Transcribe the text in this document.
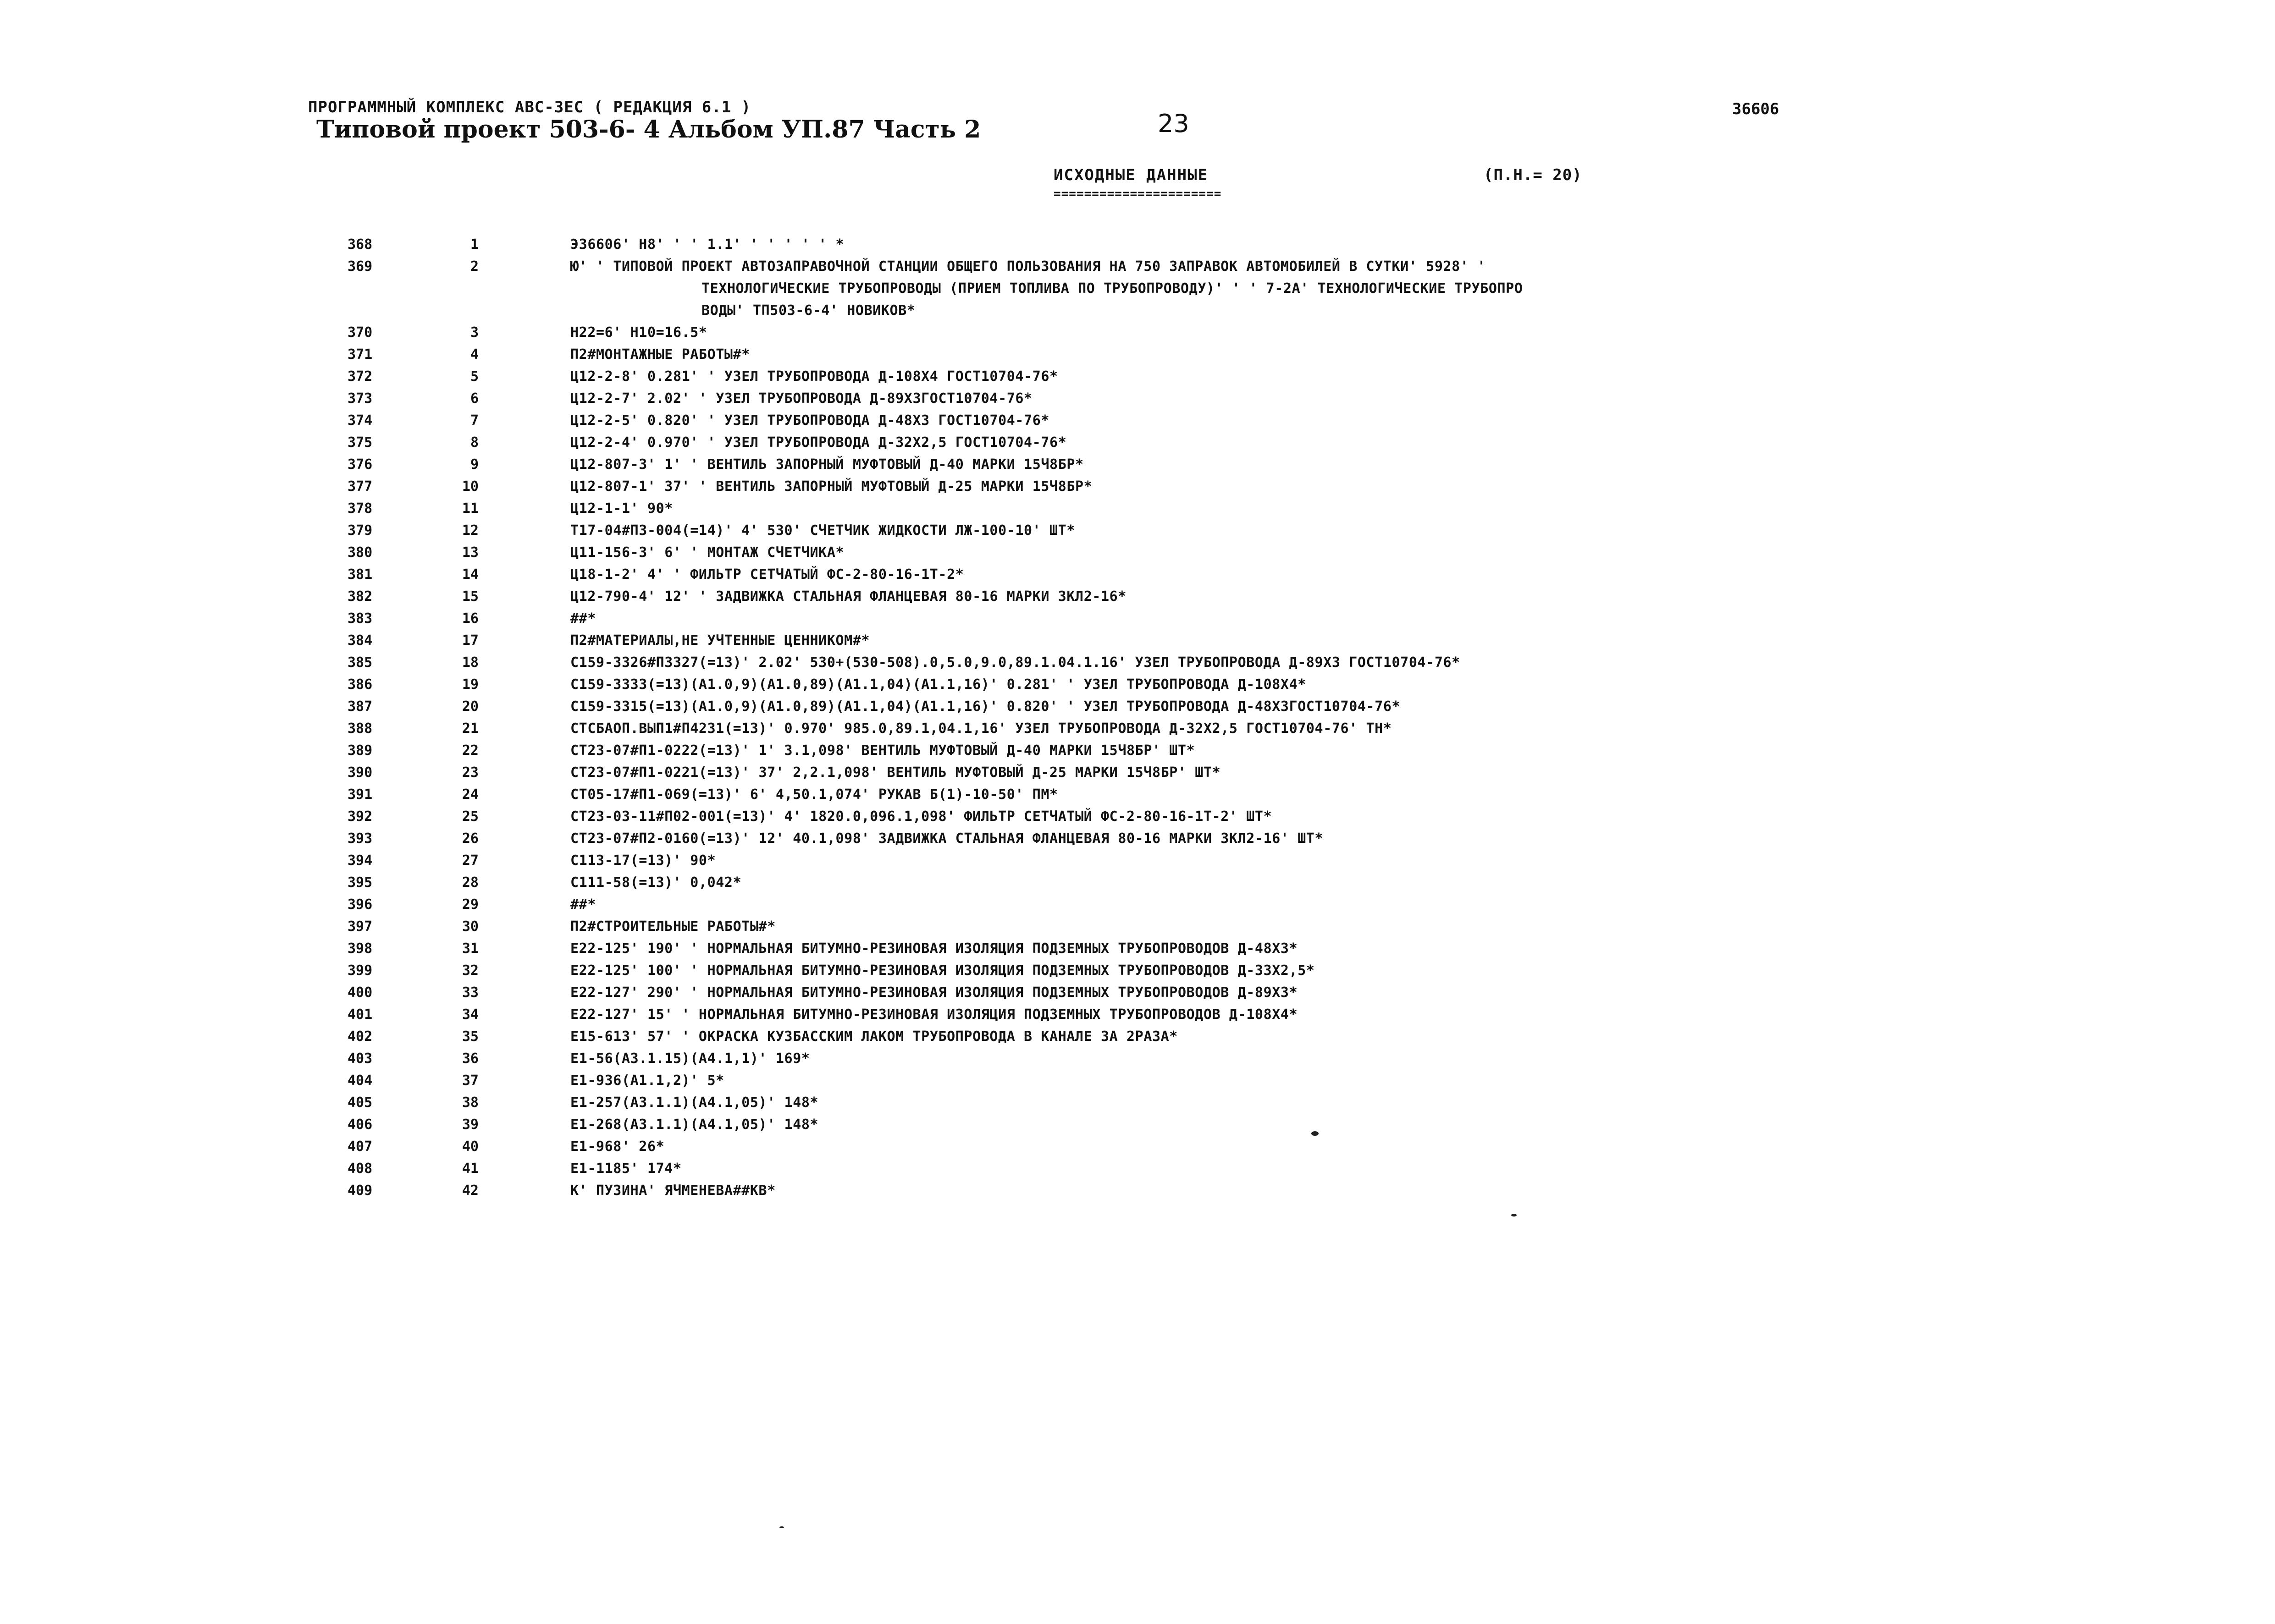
ПРОГРАММНЫЙ КОМПЛЕКС АВС-3ЕС ( РЕДАКЦИЯ 6.1 )
Типовой проект 503-6- 4 Альбом УП.87 Часть 2	23	36606
ИСХОДНЫЕ ДАННЫЕ
======================
(П.Н.= 20)
368	1	Э36606' Н8' ' ' 1.1' ' ' ' ' ' *
369	2	Ю' ' ТИПОВОЙ ПРОЕКТ АВТОЗАПРАВОЧНОЙ СТАНЦИИ ОБЩЕГО ПОЛЬЗОВАНИЯ НА 750 ЗАПРАВОК АВТОМОБИЛЕЙ В СУТКИ' 5928' '
ТЕХНОЛОГИЧЕСКИЕ ТРУБОПРОВОДЫ (ПРИЕМ ТОПЛИВА ПО ТРУБОПРОВОДУ)' ' ' 7-2А' ТЕХНОЛОГИЧЕСКИЕ ТРУБОПРО
ВОДЫ' ТП503-6-4' НОВИКОВ*
370	3	Н22=6' Н10=16.5*
371	4	П2#МОНТАЖНЫЕ РАБОТЫ#*
372	5	Ц12-2-8' 0.281' ' УЗЕЛ ТРУБОПРОВОДА Д-108Х4 ГОСТ10704-76*
373	6	Ц12-2-7' 2.02' ' УЗЕЛ ТРУБОПРОВОДА Д-89Х3ГОСТ10704-76*
374	7	Ц12-2-5' 0.820' ' УЗЕЛ ТРУБОПРОВОДА Д-48Х3 ГОСТ10704-76*
375	8	Ц12-2-4' 0.970' ' УЗЕЛ ТРУБОПРОВОДА Д-32Х2,5 ГОСТ10704-76*
376	9	Ц12-807-3' 1' ' ВЕНТИЛЬ ЗАПОРНЫЙ МУФТОВЫЙ Д-40 МАРКИ 15Ч8БР*
377	10	Ц12-807-1' 37' ' ВЕНТИЛЬ ЗАПОРНЫЙ МУФТОВЫЙ Д-25 МАРКИ 15Ч8БР*
378	11	Ц12-1-1' 90*
379	12	Т17-04#П3-004(=14)' 4' 530' СЧЕТЧИК ЖИДКОСТИ ЛЖ-100-10' ШТ*
380	13	Ц11-156-3' 6' ' МОНТАЖ СЧЕТЧИКА*
381	14	Ц18-1-2' 4' ' ФИЛЬТР СЕТЧАТЫЙ ФС-2-80-16-1Т-2*
382	15	Ц12-790-4' 12' ' ЗАДВИЖКА СТАЛЬНАЯ ФЛАНЦЕВАЯ 80-16 МАРКИ ЗКЛ2-16*
383	16	##*
384	17	П2#МАТЕРИАЛЫ,НЕ УЧТЕННЫЕ ЦЕННИКОМ#*
385	18	С159-3326#П3327(=13)' 2.02' 530+(530-508).0,5.0,9.0,89.1.04.1.16' УЗЕЛ ТРУБОПРОВОДА Д-89Х3 ГОСТ10704-76*
386	19	С159-3333(=13)(А1.0,9)(А1.0,89)(А1.1,04)(А1.1,16)' 0.281' ' УЗЕЛ ТРУБОПРОВОДА Д-108Х4*
387	20	С159-3315(=13)(А1.0,9)(А1.0,89)(А1.1,04)(А1.1,16)' 0.820' ' УЗЕЛ ТРУБОПРОВОДА Д-48Х3ГОСТ10704-76*
388	21	СТСБАОП.ВЫП1#П4231(=13)' 0.970' 985.0,89.1,04.1,16' УЗЕЛ ТРУБОПРОВОДА Д-32Х2,5 ГОСТ10704-76' ТН*
389	22	СТ23-07#П1-0222(=13)' 1' 3.1,098' ВЕНТИЛЬ МУФТОВЫЙ Д-40 МАРКИ 15Ч8БР' ШТ*
390	23	СТ23-07#П1-0221(=13)' 37' 2,2.1,098' ВЕНТИЛЬ МУФТОВЫЙ Д-25 МАРКИ 15Ч8БР' ШТ*
391	24	СТ05-17#П1-069(=13)' 6' 4,50.1,074' РУКАВ Б(1)-10-50' ПМ*
392	25	СТ23-03-11#П02-001(=13)' 4' 1820.0,096.1,098' ФИЛЬТР СЕТЧАТЫЙ ФС-2-80-16-1Т-2' ШТ*
393	26	СТ23-07#П2-0160(=13)' 12' 40.1,098' ЗАДВИЖКА СТАЛЬНАЯ ФЛАНЦЕВАЯ 80-16 МАРКИ ЗКЛ2-16' ШТ*
394	27	С113-17(=13)' 90*
395	28	С111-58(=13)' 0,042*
396	29	##*
397	30	П2#СТРОИТЕЛЬНЫЕ РАБОТЫ#*
398	31	Е22-125' 190' ' НОРМАЛЬНАЯ БИТУМНО-РЕЗИНОВАЯ ИЗОЛЯЦИЯ ПОДЗЕМНЫХ ТРУБОПРОВОДОВ Д-48Х3*
399	32	Е22-125' 100' ' НОРМАЛЬНАЯ БИТУМНО-РЕЗИНОВАЯ ИЗОЛЯЦИЯ ПОДЗЕМНЫХ ТРУБОПРОВОДОВ Д-33Х2,5*
400	33	Е22-127' 290' ' НОРМАЛЬНАЯ БИТУМНО-РЕЗИНОВАЯ ИЗОЛЯЦИЯ ПОДЗЕМНЫХ ТРУБОПРОВОДОВ Д-89Х3*
401	34	Е22-127' 15' ' НОРМАЛЬНАЯ БИТУМНО-РЕЗИНОВАЯ ИЗОЛЯЦИЯ ПОДЗЕМНЫХ ТРУБОПРОВОДОВ Д-108Х4*
402	35	Е15-613' 57' ' ОКРАСКА КУЗБАССКИМ ЛАКОМ ТРУБОПРОВОДА В КАНАЛЕ ЗА 2РАЗА*
403	36	Е1-56(А3.1.15)(А4.1,1)' 169*
404	37	Е1-936(А1.1,2)' 5*
405	38	Е1-257(А3.1.1)(А4.1,05)' 148*
406	39	Е1-268(А3.1.1)(А4.1,05)' 148*
407	40	Е1-968' 26*
408	41	Е1-1185' 174*
409	42	К' ПУЗИНА' ЯЧМЕНЕВА##КВ*
